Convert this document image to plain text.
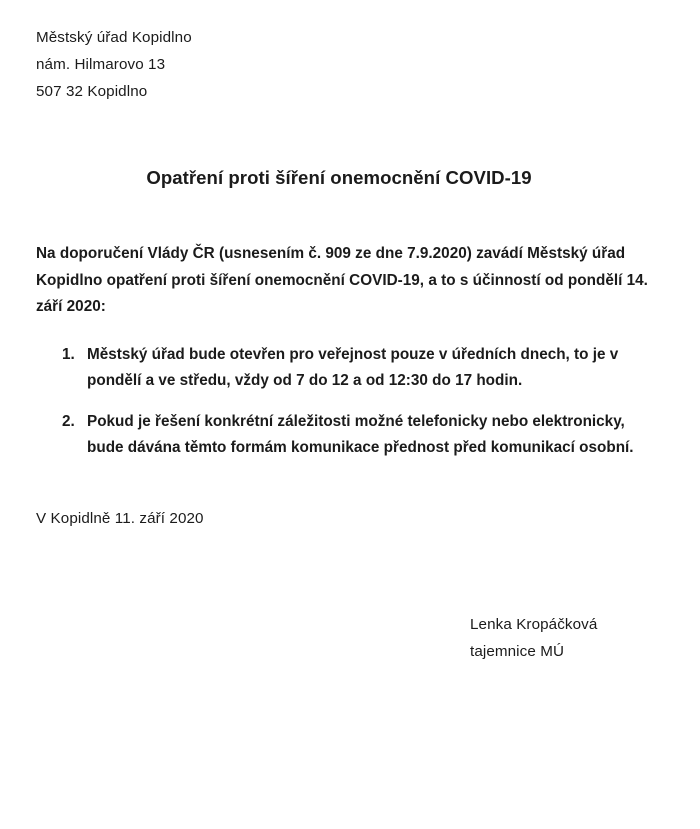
Městský úřad Kopidlno
nám. Hilmarovo 13
507 32 Kopidlno
Opatření proti šíření onemocnění COVID-19
Na doporučení Vlády ČR (usnesením č. 909 ze dne 7.9.2020) zavádí Městský úřad Kopidlno opatření proti šíření onemocnění COVID-19, a to s účinností od pondělí 14. září 2020:
1. Městský úřad bude otevřen pro veřejnost pouze v úředních dnech, to je v pondělí a ve středu, vždy od 7 do 12 a od 12:30 do 17 hodin.
2. Pokud je řešení konkrétní záležitosti možné telefonicky nebo elektronicky, bude dávána těmto formám komunikace přednost před komunikací osobní.
V Kopidlně 11. září 2020
Lenka Kropáčková
tajemnice MÚ
